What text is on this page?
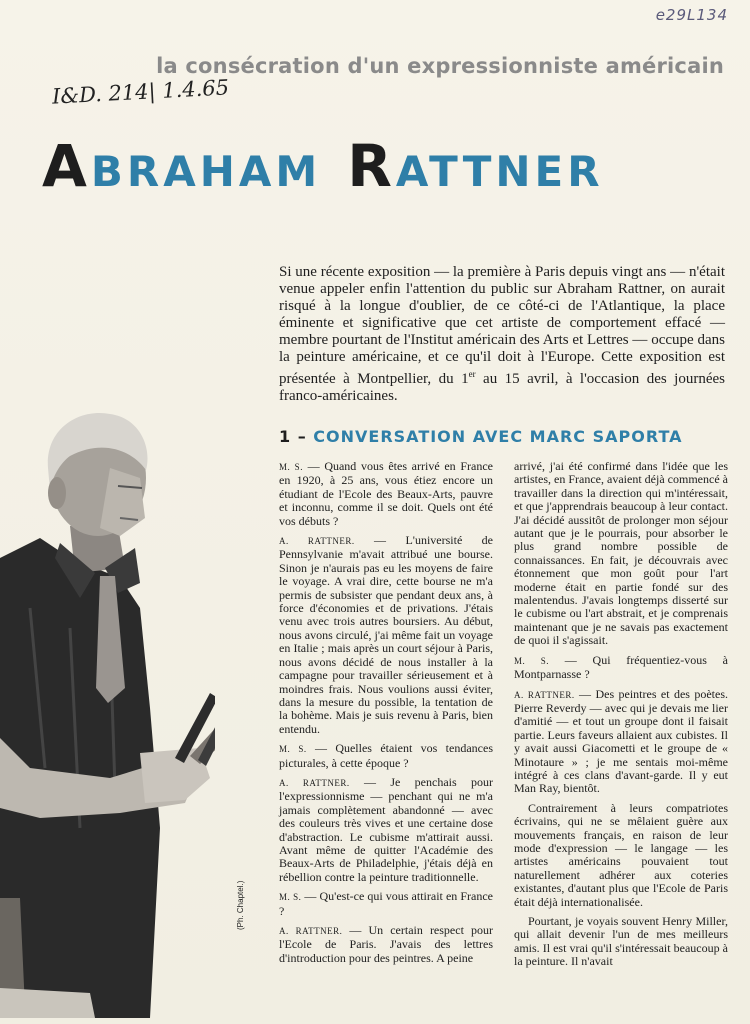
e29L134
I&D. 214| 1.4.65
la consécration d'un expressionniste américain
ABRAHAM RATTNER
Si une récente exposition — la première à Paris depuis vingt ans — n'était venue appeler enfin l'attention du public sur Abraham Rattner, on aurait risqué à la longue d'oublier, de ce côté-ci de l'Atlantique, la place éminente et significative que cet artiste de comportement effacé — membre pourtant de l'Institut américain des Arts et Lettres — occupe dans la peinture américaine, et ce qu'il doit à l'Europe. Cette exposition est présentée à Montpellier, du 1er au 15 avril, à l'occasion des journées franco-américaines.
1 – CONVERSATION AVEC MARC SAPORTA

M. S. — Quand vous êtes arrivé en France en 1920, à 25 ans, vous étiez encore un étudiant de l'Ecole des Beaux-Arts, pauvre et inconnu, comme il se doit. Quels ont été vos débuts ?

A. RATTNER. — L'université de Pennsylvanie m'avait attribué une bourse. Sinon je n'aurais pas eu les moyens de faire le voyage. A vrai dire, cette bourse ne m'a permis de subsister que pendant deux ans, à force d'économies et de privations. J'étais venu avec trois autres boursiers. Au début, nous avons circulé, j'ai même fait un voyage en Italie ; mais après un court séjour à Paris, nous avons décidé de nous installer à la campagne pour travailler sérieusement et à moindres frais. Nous voulions aussi éviter, dans la mesure du possible, la tentation de la bohème. Mais je suis revenu à Paris, bien entendu.

M. S. — Quelles étaient vos tendances picturales, à cette époque ?

A. RATTNER. — Je penchais pour l'expressionnisme — penchant qui ne m'a jamais complètement abandonné — avec des couleurs très vives et une certaine dose d'abstraction. Le cubisme m'attirait aussi. Avant même de quitter l'Académie des Beaux-Arts de Philadelphie, j'étais déjà en rébellion contre la peinture traditionnelle.

M. S. — Qu'est-ce qui vous attirait en France ?

A. RATTNER. — Un certain respect pour l'Ecole de Paris. J'avais des lettres d'introduction pour des peintres. A peine

arrivé, j'ai été confirmé dans l'idée que les artistes, en France, avaient déjà commencé à travailler dans la direction qui m'intéressait, et que j'apprendrais beaucoup à leur contact. J'ai décidé aussitôt de prolonger mon séjour autant que je le pourrais, pour absorber le plus grand nombre possible de connaissances. En fait, je découvrais avec étonnement que mon goût pour l'art moderne était en partie fondé sur des malentendus. J'avais longtemps disserté sur le cubisme ou l'art abstrait, et je comprenais maintenant que je ne savais pas exactement de quoi il s'agissait.

M. S. — Qui fréquentiez-vous à Montparnasse ?

A. RATTNER. — Des peintres et des poètes. Pierre Reverdy — avec qui je devais me lier d'amitié — et tout un groupe dont il faisait partie. Leurs faveurs allaient aux cubistes. Il y avait aussi Giacometti et le groupe de « Minotaure » ; je me sentais moi-même intégré à ces clans d'avant-garde. Il y eut Man Ray, bientôt.

Contrairement à leurs compatriotes écrivains, qui ne se mêlaient guère aux mouvements français, en raison de leur mode d'expression — le langage — les artistes américains pouvaient tout naturellement adhérer aux coteries existantes, d'autant plus que l'Ecole de Paris était déjà internationalisée.

Pourtant, je voyais souvent Henry Miller, qui allait devenir l'un de mes meilleurs amis. Il est vrai qu'il s'intéressait beaucoup à la peinture. Il n'avait

(Ph. Chaptel.)
